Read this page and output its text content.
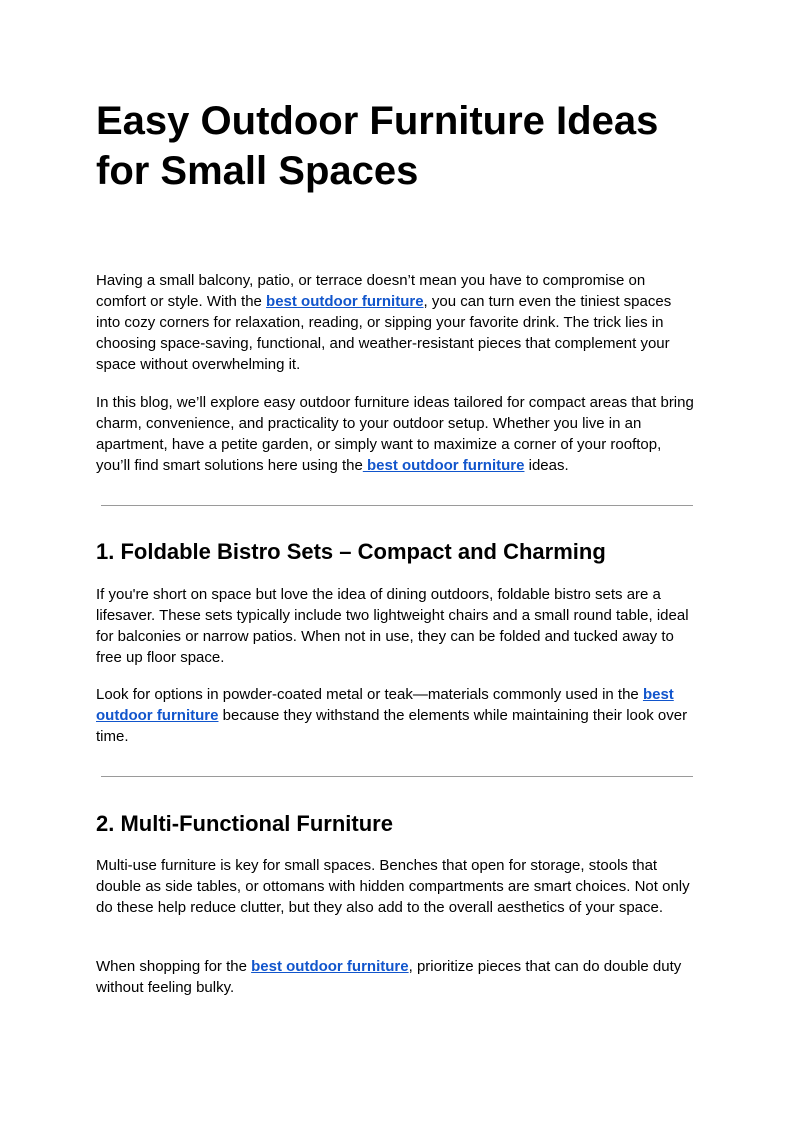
Easy Outdoor Furniture Ideas for Small Spaces

Having a small balcony, patio, or terrace doesn’t mean you have to compromise on comfort or style. With the best outdoor furniture, you can turn even the tiniest spaces into cozy corners for relaxation, reading, or sipping your favorite drink. The trick lies in choosing space-saving, functional, and weather-resistant pieces that complement your space without overwhelming it.

In this blog, we’ll explore easy outdoor furniture ideas tailored for compact areas that bring charm, convenience, and practicality to your outdoor setup. Whether you live in an apartment, have a petite garden, or simply want to maximize a corner of your rooftop, you’ll find smart solutions here using the best outdoor furniture ideas.

1. Foldable Bistro Sets – Compact and Charming

If you're short on space but love the idea of dining outdoors, foldable bistro sets are a lifesaver. These sets typically include two lightweight chairs and a small round table, ideal for balconies or narrow patios. When not in use, they can be folded and tucked away to free up floor space.

Look for options in powder-coated metal or teak—materials commonly used in the best outdoor furniture because they withstand the elements while maintaining their look over time.

2. Multi-Functional Furniture

Multi-use furniture is key for small spaces. Benches that open for storage, stools that double as side tables, or ottomans with hidden compartments are smart choices. Not only do these help reduce clutter, but they also add to the overall aesthetics of your space.

When shopping for the best outdoor furniture, prioritize pieces that can do double duty without feeling bulky.
